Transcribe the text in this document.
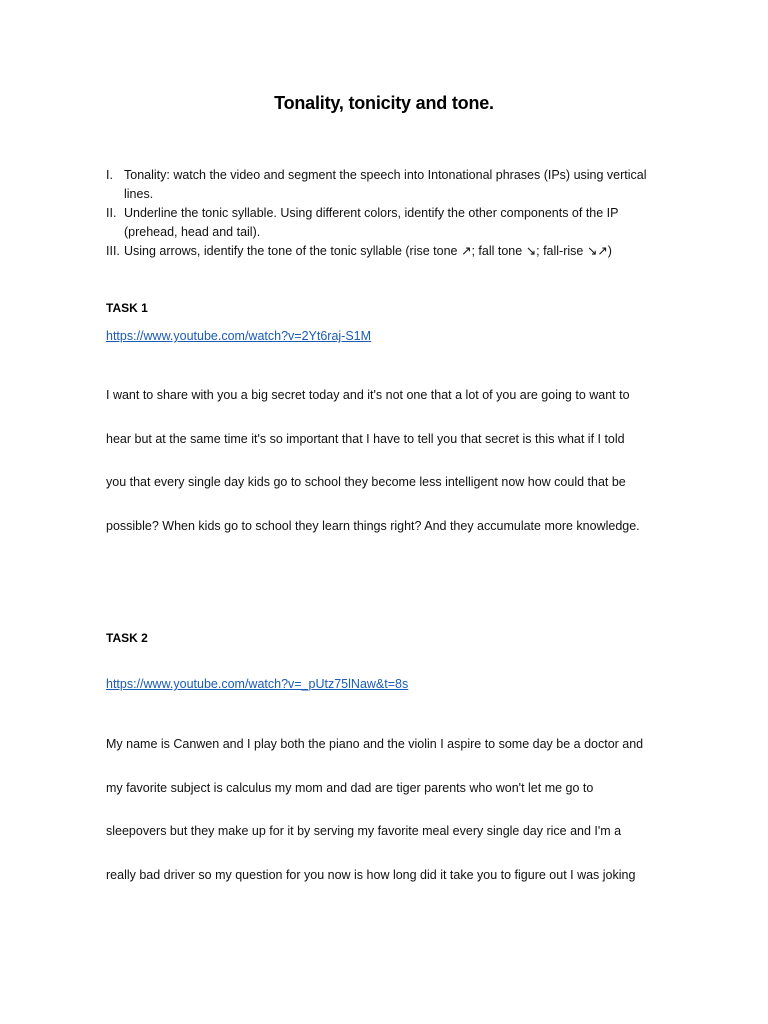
Tonality, tonicity and tone.
I. Tonality: watch the video and segment the speech into Intonational phrases (IPs) using vertical
lines.
II. Underline the tonic syllable. Using different colors, identify the other components of the IP
(prehead, head and tail).
III. Using arrows, identify the tone of the tonic syllable (rise tone ↗; fall tone ↘; fall-rise ↘↗)
TASK 1
https://www.youtube.com/watch?v=2Yt6raj-S1M
I want to share with you a big secret today and it's not one that a lot of you are going to want to
hear but at the same time it's so important that I have to tell you that secret is this what if I told
you that every single day kids go to school they become less intelligent now how could that be
possible? When kids go to school they learn things right? And they accumulate more knowledge.
TASK 2
https://www.youtube.com/watch?v=_pUtz75lNaw&t=8s
My name is Canwen and I play both the piano and the violin I aspire to some day be a doctor and
my favorite subject is calculus my mom and dad are tiger parents who won't let me go to
sleepovers but they make up for it by serving my favorite meal every single day rice and I'm a
really bad driver so my question for you now is how long did it take you to figure out I was joking
